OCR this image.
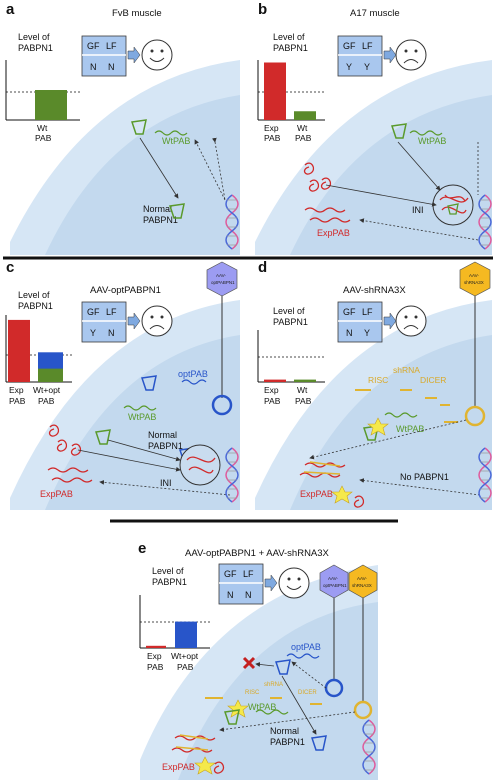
a	FvB muscle
Level of
PABPN1
Wt
PAB
GF LF
N N
WtPAB
Normal
PABPN1
b	A17 muscle
Level of
PABPN1
Exp
PAB
Wt
PAB
GF LF
Y Y
WtPAB
ExpPAB
INI
c
AAV-optPABPN1
Level of
PABPN1
Exp
PAB
Wt+opt
PAB
GF LF
Y N
AAV-
optPABPN1
optPAB
WtPAB
Normal
PABPN1
INI
ExpPAB
d
AAV-shRNA3X
Level of
PABPN1
Exp
PAB
Wt
PAB
GF LF
N Y
AAV-
shRNA3X
shRNA
RISC	DICER
WtPAB
ExpPAB
No PABPN1
e	AAV-optPABPN1 + AAV-shRNA3X
Level of
PABPN1
Exp
PAB
Wt+opt
PAB
GF LF
N N
AAV-
optPABPN1
AAV-
shRNA3X
optPAB
shRNA
RISC	DICER
WtPAB
Normal
PABPN1
ExpPAB
